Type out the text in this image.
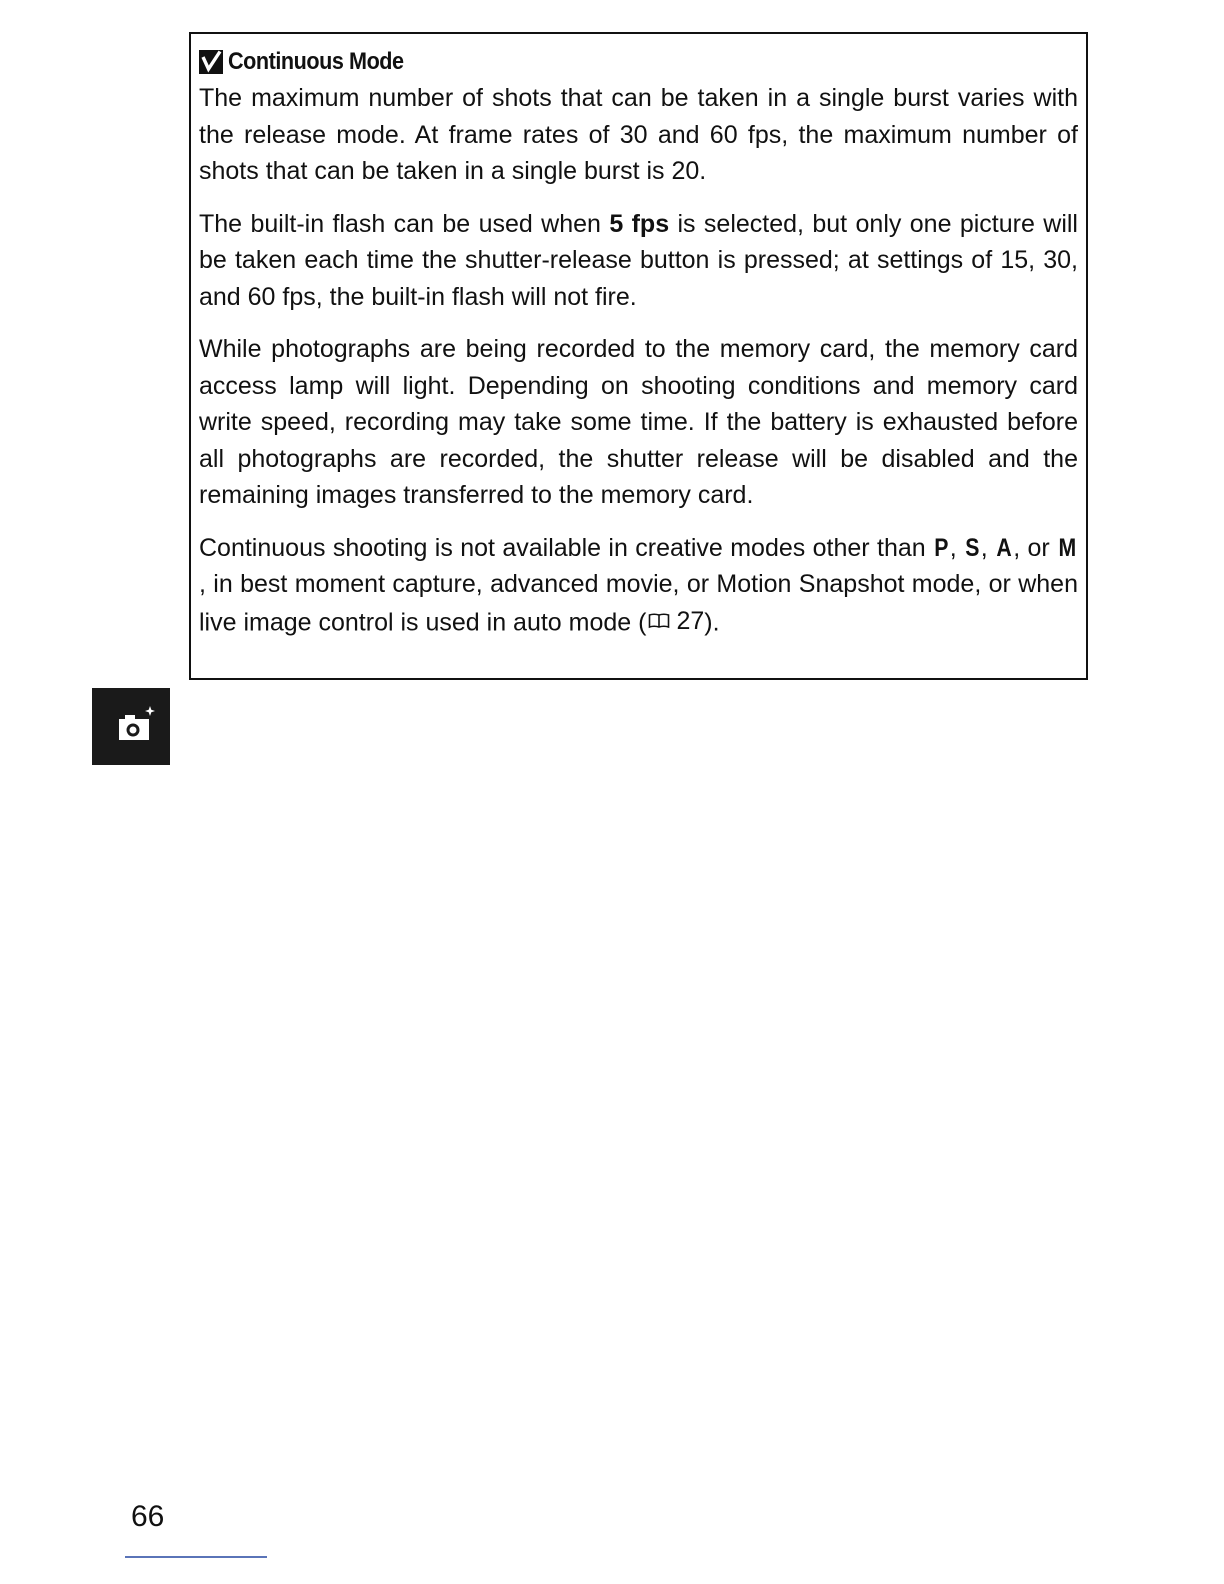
Continuous Mode

The maximum number of shots that can be taken in a single burst varies with the release mode. At frame rates of 30 and 60 fps, the maximum number of shots that can be taken in a single burst is 20.

The built-in flash can be used when 5 fps is selected, but only one picture will be taken each time the shutter-release button is pressed; at settings of 15, 30, and 60 fps, the built-in flash will not fire.

While photographs are being recorded to the memory card, the memory card access lamp will light. Depending on shooting conditions and memory card write speed, recording may take some time. If the battery is exhausted before all photographs are recorded, the shutter release will be disabled and the remaining images transferred to the memory card.

Continuous shooting is not available in creative modes other than P, S, A, or M, in best moment capture, advanced movie, or Motion Snapshot mode, or when live image control is used in auto mode ( 27 ).

66
